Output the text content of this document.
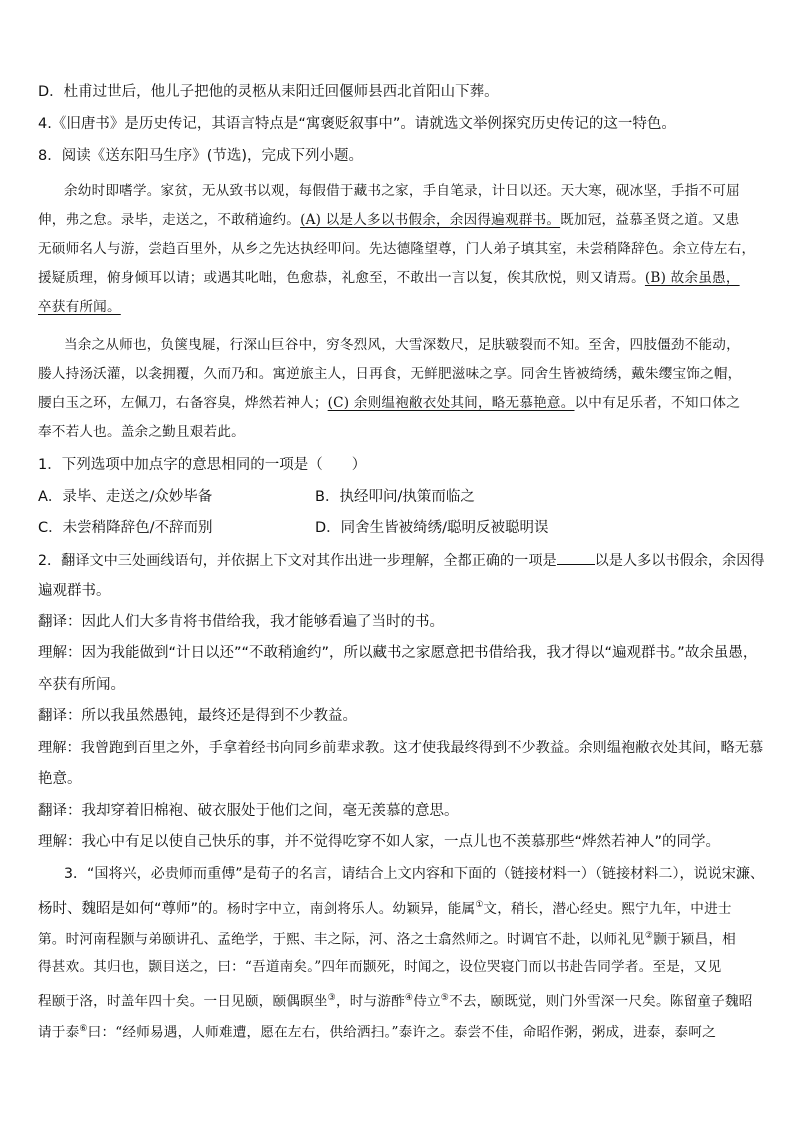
D．杜甫过世后，他儿子把他的灵柩从耒阳迁回偃师县西北首阳山下葬。
4.《旧唐书》是历史传记，其语言特点是“寓褒贬叙事中”。请就选文举例探究历史传记的这一特色。
8．阅读《送东阳马生序》(节选)，完成下列小题。
余幼时即嗜学。家贫，无从致书以观，每假借于藏书之家，手自笔录，计日以还。天大寒，砚冰坚，手指不可屈
伸，弗之怠。录毕，走送之，不敢稍逾约。(A) 以是人多以书假余，余因得遍观群书。既加冠，益慕圣贤之道。又患
无硕师名人与游，尝趋百里外，从乡之先达执经叩问。先达德隆望尊，门人弟子填其室，未尝稍降辞色。余立侍左右，
援疑质理，俯身倾耳以请；或遇其叱咄，色愈恭，礼愈至，不敢出一言以复，俟其欣悦，则又请焉。(B) 故余虽愚，
卒获有所闻。
当余之从师也，负箧曳屣，行深山巨谷中，穷冬烈风，大雪深数尺，足肤皲裂而不知。至舍，四肢僵劲不能动，
媵人持汤沃灌，以衾拥覆，久而乃和。寓逆旅主人，日再食，无鲜肥滋味之享。同舍生皆被绮绣，戴朱缨宝饰之帽，
腰白玉之环，左佩刀，右备容臭，烨然若神人；(C) 余则缊袍敝衣处其间，略无慕艳意。以中有足乐者，不知口体之
奉不若人也。盖余之勤且艰若此。
1．下列选项中加点字的意思相同的一项是（　　）
A．录毕、走送之/众妙毕备	B．执经叩问/执策而临之
C．未尝稍降辞色/不辞而别	D．同舍生皆被绮绣/聪明反被聪明误
2．翻译文中三处画线语句，并依据上下文对其作出进一步理解，全都正确的一项是	以是人多以书假余，余因得
遍观群书。
翻译：因此人们大多肯将书借给我，我才能够看遍了当时的书。
理解：因为我能做到“计日以还”“不敢稍逾约”，所以藏书之家愿意把书借给我，我才得以“遍观群书。”故余虽愚，
卒获有所闻。
翻译：所以我虽然愚钝，最终还是得到不少教益。
理解：我曾跑到百里之外，手拿着经书向同乡前辈求教。这才使我最终得到不少教益。余则缊袍敝衣处其间，略无慕
艳意。
翻译：我却穿着旧棉袍、破衣服处于他们之间，毫无羡慕的意思。
理解：我心中有足以使自己快乐的事，并不觉得吃穿不如人家，一点儿也不羡慕那些“烨然若神人”的同学。
3．“国将兴，必贵师而重傅”是荀子的名言，请结合上文内容和下面的（链接材料一）（链接材料二），说说宋濂、
杨时、魏昭是如何“尊师”的。杨时字中立，南剑将乐人。幼颖异，能属①文，稍长，潜心经史。熙宁九年，中进士
第。时河南程颢与弟颐讲孔、孟绝学，于熙、丰之际，河、洛之士翕然师之。时调官不赴，以师礼见②颢于颍昌，相
得甚欢。其归也，颢目送之，曰：“吾道南矣。”四年而颢死，时闻之，设位哭寝门而以书赴告同学者。至是，又见
程颐于洛，时盖年四十矣。一日见颐，颐偶瞑坐③，时与游酢④侍立⑤不去，颐既觉，则门外雪深一尺矣。陈留童子魏昭
请于泰⑥曰：“经师易遇，人师难遭，愿在左右，供给洒扫。”泰许之。泰尝不佳，命昭作粥，粥成，进泰，泰呵之
